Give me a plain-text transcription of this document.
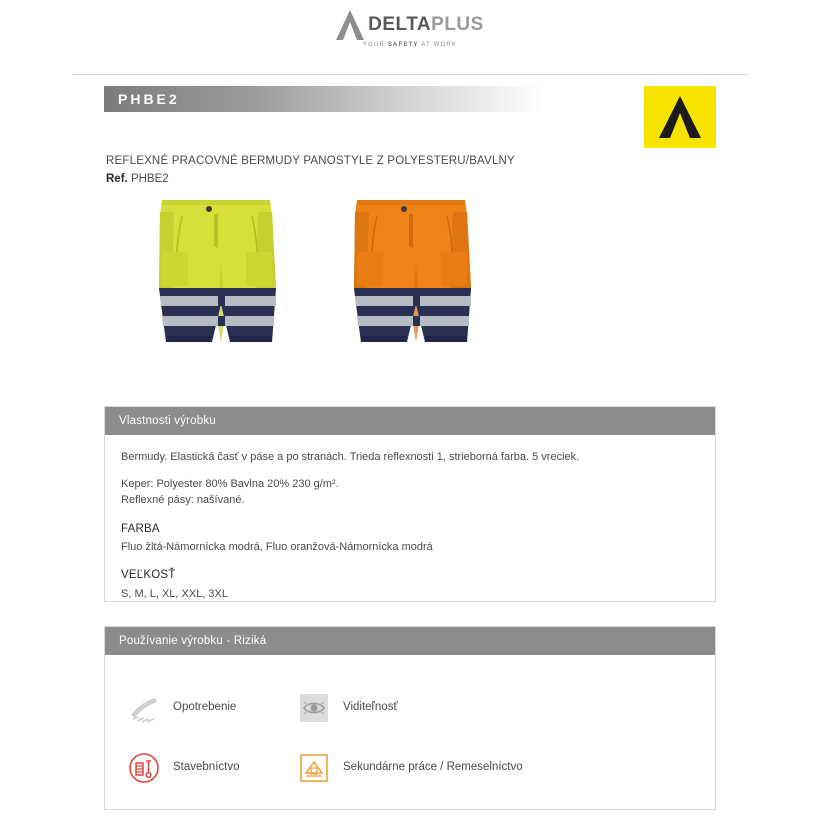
DELTAPLUS
YOUR SAFETY AT WORK
PHBE2
REFLEXNÉ PRACOVNÉ BERMUDY PANOSTYLE Z POLYESTERU/BAVLNY
Ref. PHBE2
Vlastnosti výrobku

Bermudy. Elastická časť v páse a po stranách. Trieda reflexnosti 1, strieborná farba. 5 vreciek.

Keper: Polyester 80% Bavlna 20% 230 g/m².
Reflexné pásy: našívané.

FARBA

Fluo žltá-Námornícka modrá, Fluo oranžová-Námornícka modrá

VEĽKOSŤ

S, M, L, XL, XXL, 3XL

Používanie výrobku - Riziká
Opotrebenie	Viditeľnosť
Stavebníctvo	Sekundárne práce / Remeselníctvo
